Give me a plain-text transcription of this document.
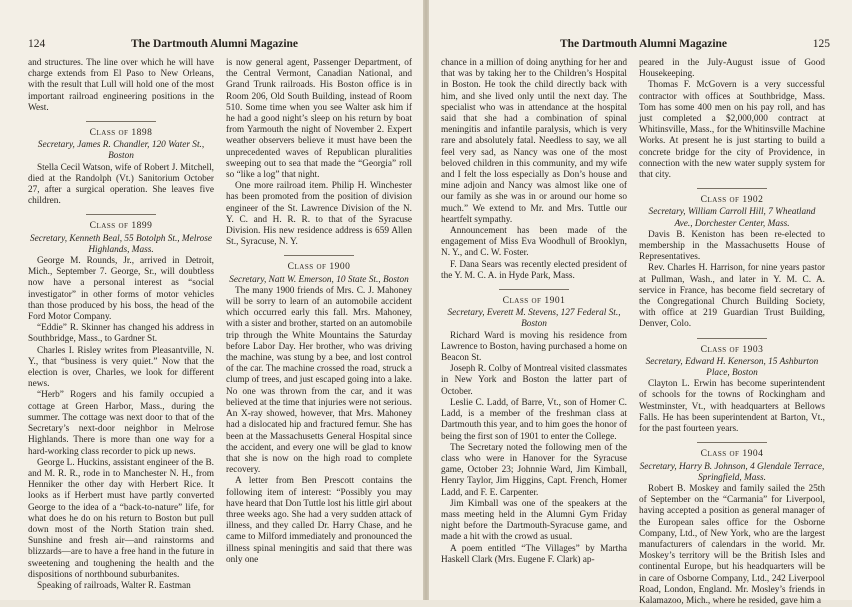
124	The Dartmouth Alumni Magazine

and structures. The line over which he will have charge extends from El Paso to New Orleans, with the result that Lull will hold one of the most important railroad engineering positions in the West.

Class of 1898

Secretary, James R. Chandler, 120 Water St., Boston

Stella Cecil Watson, wife of Robert J. Mitchell, died at the Randolph (Vt.) Sanitorium October 27, after a surgical operation. She leaves five children.

Class of 1899

Secretary, Kenneth Beal, 55 Botolph St., Melrose Highlands, Mass.

George M. Rounds, Jr., arrived in Detroit, Mich., September 7. George, Sr., will doubtless now have a personal interest as “social investigator” in other forms of motor vehicles than those produced by his boss, the head of the Ford Motor Company.

“Eddie” R. Skinner has changed his address in Southbridge, Mass., to Gardner St.

Charles I. Risley writes from Pleasantville, N. Y., that “business is very quiet.” Now that the election is over, Charles, we look for different news.

“Herb” Rogers and his family occupied a cottage at Green Harbor, Mass., during the summer. The cottage was next door to that of the Secretary’s next-door neighbor in Melrose Highlands. There is more than one way for a hard-working class recorder to pick up news.

George L. Huckins, assistant engineer of the B. and M. R. R., rode in to Manchester N. H., from Henniker the other day with Herbert Rice. It looks as if Herbert must have partly converted George to the idea of a “back-to-nature” life, for what does he do on his return to Boston but pull down most of the North Station train shed. Sunshine and fresh air—and rainstorms and blizzards—are to have a free hand in the future in sweetening and toughening the health and the dispositions of northbound suburbanites.

Speaking of railroads, Walter R. Eastman

is now general agent, Passenger Department, of the Central Vermont, Canadian National, and Grand Trunk railroads. His Boston office is in Room 206, Old South Building, instead of Room 510. Some time when you see Walter ask him if he had a good night’s sleep on his return by boat from Yarmouth the night of November 2. Expert weather observers believe it must have been the unprecedented waves of Republican pluralities sweeping out to sea that made the “Georgia” roll so “like a log” that night.

One more railroad item. Philip H. Winchester has been promoted from the position of division engineer of the St. Lawrence Division of the N. Y. C. and H. R. R. to that of the Syracuse Division. His new residence address is 659 Allen St., Syracuse, N. Y.

Class of 1900

Secretary, Natt W. Emerson, 10 State St., Boston

The many 1900 friends of Mrs. C. J. Mahoney will be sorry to learn of an automobile accident which occurred early this fall. Mrs. Mahoney, with a sister and brother, started on an automobile trip through the White Mountains the Saturday before Labor Day. Her brother, who was driving the machine, was stung by a bee, and lost control of the car. The machine crossed the road, struck a clump of trees, and just escaped going into a lake. No one was thrown from the car, and it was believed at the time that injuries were not serious. An X-ray showed, however, that Mrs. Mahoney had a dislocated hip and fractured femur. She has been at the Massachusetts General Hospital since the accident, and every one will be glad to know that she is now on the high road to complete recovery.

A letter from Ben Prescott contains the following item of interest: “Possibly you may have heard that Don Tuttle lost his little girl about three weeks ago. She had a very sudden attack of illness, and they called Dr. Harry Chase, and he came to Milford immediately and pronounced the illness spinal meningitis and said that there was only one

The Dartmouth Alumni Magazine	125

chance in a million of doing anything for her and that was by taking her to the Children’s Hospital in Boston. He took the child directly back with him, and she lived only until the next day. The specialist who was in attendance at the hospital said that she had a combination of spinal meningitis and infantile paralysis, which is very rare and absolutely fatal. Needless to say, we all feel very sad, as Nancy was one of the most beloved children in this community, and my wife and I felt the loss especially as Don’s house and mine adjoin and Nancy was almost like one of our family as she was in or around our home so much.” We extend to Mr. and Mrs. Tuttle our heartfelt sympathy.

Announcement has been made of the engagement of Miss Eva Woodhull of Brooklyn, N. Y., and C. W. Foster.

F. Dana Sears was recently elected president of the Y. M. C. A. in Hyde Park, Mass.

Class of 1901

Secretary, Everett M. Stevens, 127 Federal St., Boston

Richard Ward is moving his residence from Lawrence to Boston, having purchased a home on Beacon St.

Joseph R. Colby of Montreal visited classmates in New York and Boston the latter part of October.

Leslie C. Ladd, of Barre, Vt., son of Homer C. Ladd, is a member of the freshman class at Dartmouth this year, and to him goes the honor of being the first son of 1901 to enter the College.

The Secretary noted the following men of the class who were in Hanover for the Syracuse game, October 23; Johnnie Ward, Jim Kimball, Henry Taylor, Jim Higgins, Capt. French, Homer Ladd, and F. E. Carpenter.

Jim Kimball was one of the speakers at the mass meeting held in the Alumni Gym Friday night before the Dartmouth-Syracuse game, and made a hit with the crowd as usual.

A poem entitled “The Villages” by Martha Haskell Clark (Mrs. Eugene F. Clark) ap-

peared in the July-August issue of Good Housekeeping.

Thomas F. McGovern is a very successful contractor with offices at Southbridge, Mass. Tom has some 400 men on his pay roll, and has just completed a $2,000,000 contract at Whitinsville, Mass., for the Whitinsville Machine Works. At present he is just starting to build a concrete bridge for the city of Providence, in connection with the new water supply system for that city.

Class of 1902

Secretary, William Carroll Hill, 7 Wheatland Ave., Dorchester Center, Mass.

Davis B. Keniston has been re-elected to membership in the Massachusetts House of Representatives.

Rev. Charles H. Harrison, for nine years pastor at Pullman, Wash., and later in Y. M. C. A. service in France, has become field secretary of the Congregational Church Building Society, with office at 219 Guardian Trust Building, Denver, Colo.

Class of 1903

Secretary, Edward H. Kenerson, 15 Ashburton Place, Boston

Clayton L. Erwin has become superintendent of schools for the towns of Rockingham and Westminster, Vt., with headquarters at Bellows Falls. He has been superintendent at Barton, Vt., for the past fourteen years.

Class of 1904

Secretary, Harry B. Johnson, 4 Glendale Terrace, Springfield, Mass.

Robert B. Moskey and family sailed the 25th of September on the “Carmania” for Liverpool, having accepted a position as general manager of the European sales office for the Osborne Company, Ltd., of New York, who are the largest manufacturers of calendars in the world. Mr. Moskey’s territory will be the British Isles and continental Europe, but his headquarters will be in care of Osborne Company, Ltd., 242 Liverpool Road, London, England. Mr. Mosley’s friends in Kalamazoo, Mich., where he resided, gave him a
